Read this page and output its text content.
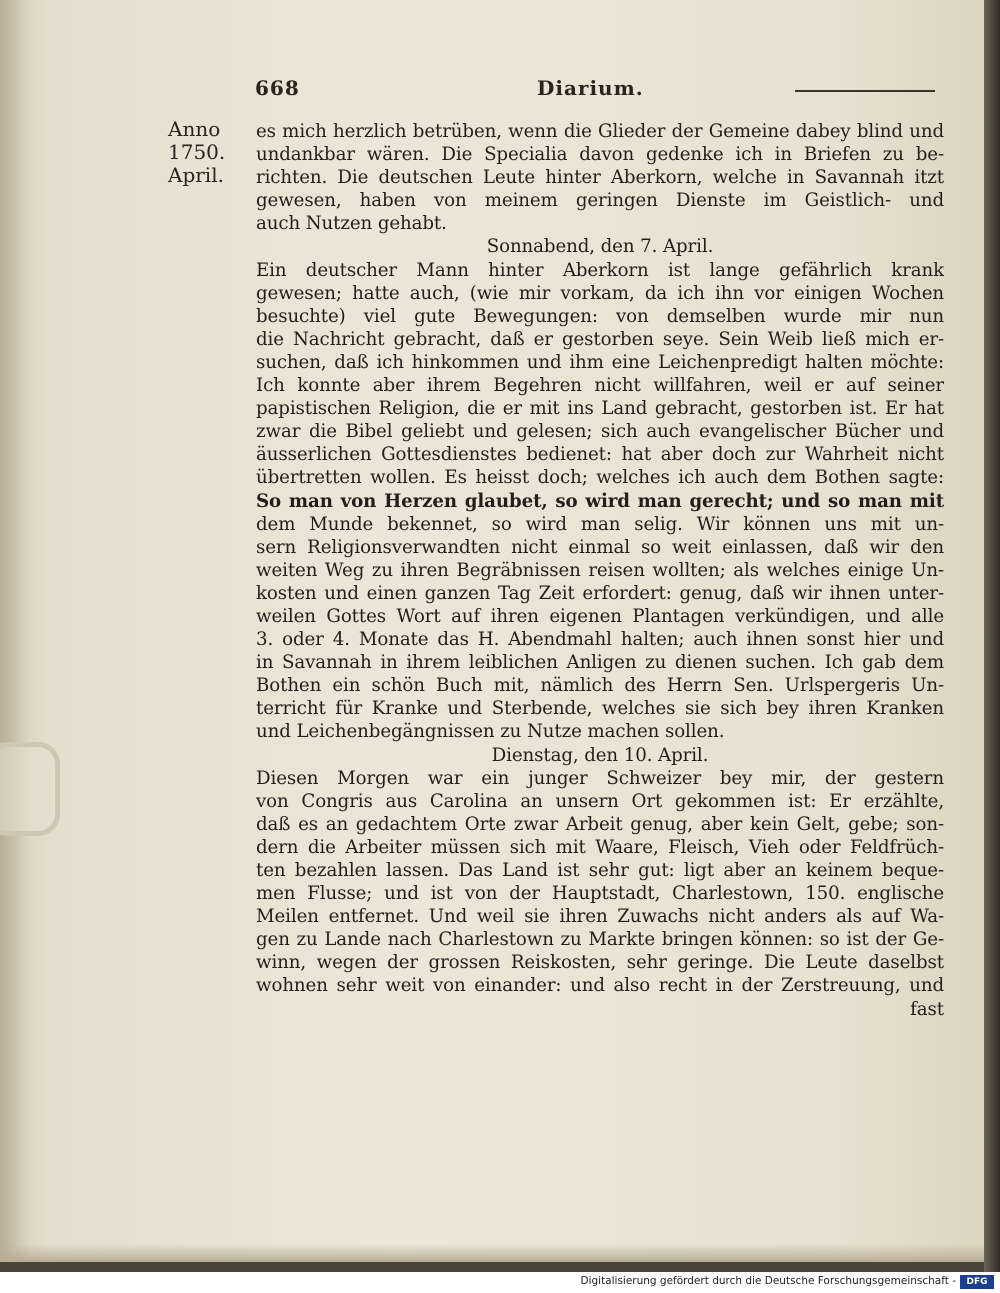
668	Diarium.
Anno
1750.
April.
es mich herzlich betrüben, wenn die Glieder der Gemeine dabey blind und
undankbar wären. Die Specialia davon gedenke ich in Briefen zu be-
richten. Die deutschen Leute hinter Aberkorn, welche in Savannah itzt
gewesen, haben von meinem geringen Dienste im Geistlich- und
auch Nutzen gehabt.
Sonnabend, den 7. April.
Ein deutscher Mann hinter Aberkorn ist lange gefährlich krank
gewesen; hatte auch, (wie mir vorkam, da ich ihn vor einigen Wochen
besuchte) viel gute Bewegungen: von demselben wurde mir nun
die Nachricht gebracht, daß er gestorben seye. Sein Weib ließ mich er-
suchen, daß ich hinkommen und ihm eine Leichenpredigt halten möchte:
Ich konnte aber ihrem Begehren nicht willfahren, weil er auf seiner
papistischen Religion, die er mit ins Land gebracht, gestorben ist. Er hat
zwar die Bibel geliebt und gelesen; sich auch evangelischer Bücher und
äusserlichen Gottesdienstes bedienet: hat aber doch zur Wahrheit nicht
übertretten wollen. Es heisst doch; welches ich auch dem Bothen sagte:
So man von Herzen glaubet, so wird man gerecht; und so man mit
dem Munde bekennet, so wird man selig. Wir können uns mit un-
sern Religionsverwandten nicht einmal so weit einlassen, daß wir den
weiten Weg zu ihren Begräbnissen reisen wollten; als welches einige Un-
kosten und einen ganzen Tag Zeit erfordert: genug, daß wir ihnen unter-
weilen Gottes Wort auf ihren eigenen Plantagen verkündigen, und alle
3. oder 4. Monate das H. Abendmahl halten; auch ihnen sonst hier und
in Savannah in ihrem leiblichen Anligen zu dienen suchen. Ich gab dem
Bothen ein schön Buch mit, nämlich des Herrn Sen. Urlspergeris Un-
terricht für Kranke und Sterbende, welches sie sich bey ihren Kranken
und Leichenbegängnissen zu Nutze machen sollen.
Dienstag, den 10. April.
Diesen Morgen war ein junger Schweizer bey mir, der gestern
von Congris aus Carolina an unsern Ort gekommen ist: Er erzählte,
daß es an gedachtem Orte zwar Arbeit genug, aber kein Gelt, gebe; son-
dern die Arbeiter müssen sich mit Waare, Fleisch, Vieh oder Feldfrüch-
ten bezahlen lassen. Das Land ist sehr gut: ligt aber an keinem beque-
men Flusse; und ist von der Hauptstadt, Charlestown, 150. englische
Meilen entfernet. Und weil sie ihren Zuwachs nicht anders als auf Wa-
gen zu Lande nach Charlestown zu Markte bringen können: so ist der Ge-
winn, wegen der grossen Reiskosten, sehr geringe. Die Leute daselbst
wohnen sehr weit von einander: und also recht in der Zerstreuung, und
fast
Digitalisierung gefördert durch die Deutsche Forschungsgemeinschaft -	DFG
